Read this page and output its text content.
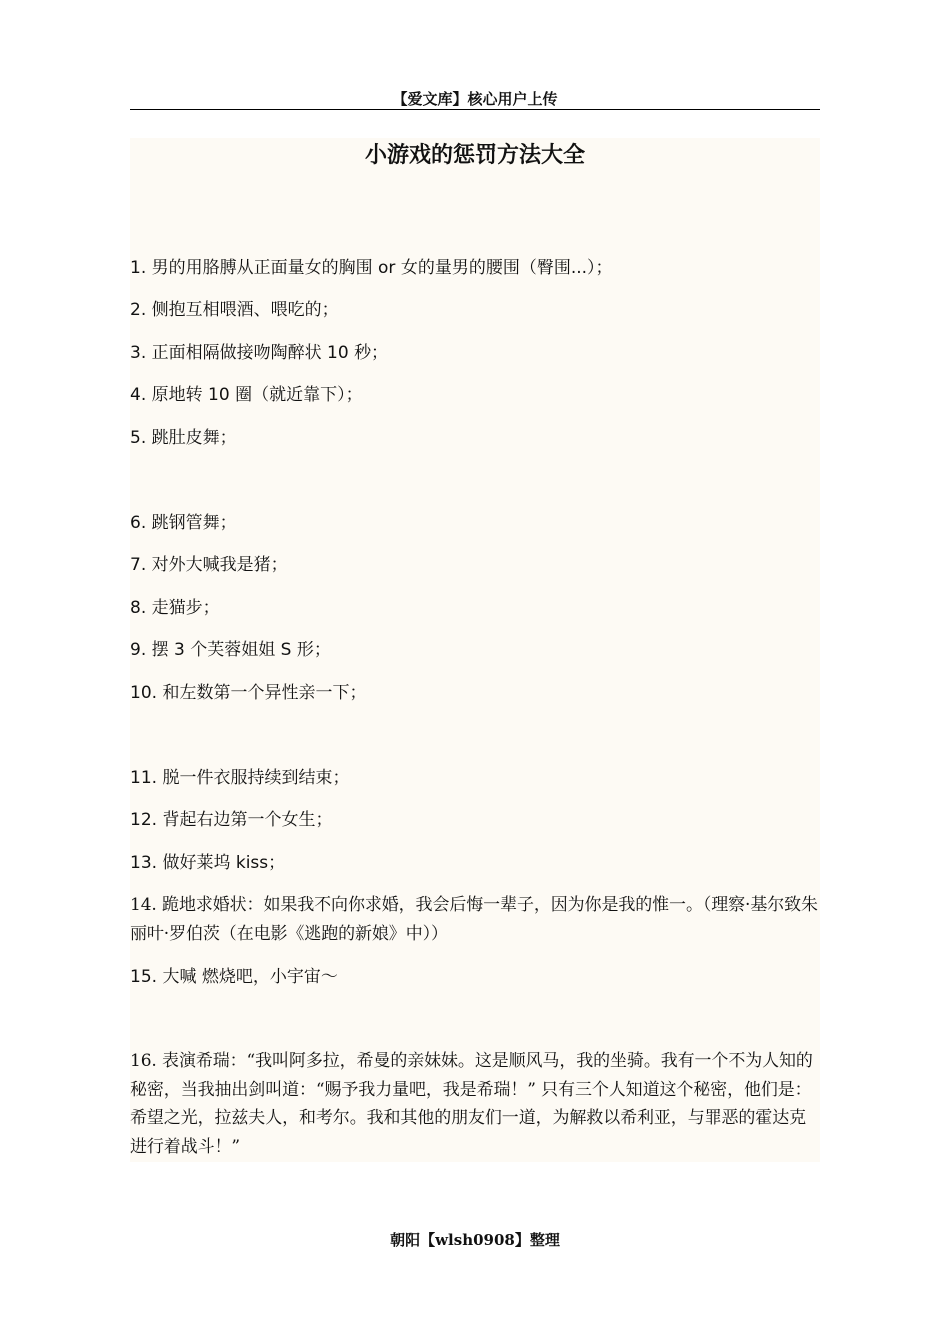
【爱文库】核心用户上传
小游戏的惩罚方法大全

1. 男的用胳膊从正面量女的胸围 or 女的量男的腰围（臀围...）；

2. 侧抱互相喂酒、喂吃的；

3. 正面相隔做接吻陶醉状 10 秒；

4. 原地转 10 圈（就近靠下）；

5. 跳肚皮舞；

6. 跳钢管舞；

7. 对外大喊我是猪；

8. 走猫步；

9. 摆 3 个芙蓉姐姐 S 形；

10. 和左数第一个异性亲一下；

11. 脱一件衣服持续到结束；

12. 背起右边第一个女生；

13. 做好莱坞 kiss；

14. 跪地求婚状：如果我不向你求婚，我会后悔一辈子，因为你是我的惟一。（理察·基尔致朱丽叶·罗伯茨（在电影《逃跑的新娘》中））

15. 大喊 燃烧吧，小宇宙～

16. 表演希瑞：“我叫阿多拉，希曼的亲妹妹。这是顺风马，我的坐骑。我有一个不为人知的秘密，当我抽出剑叫道：“赐予我力量吧，我是希瑞！” 只有三个人知道这个秘密，他们是：希望之光，拉兹夫人，和考尔。我和其他的朋友们一道，为解救以希利亚，与罪恶的霍达克进行着战斗！”

朝阳【wlsh0908】整理
